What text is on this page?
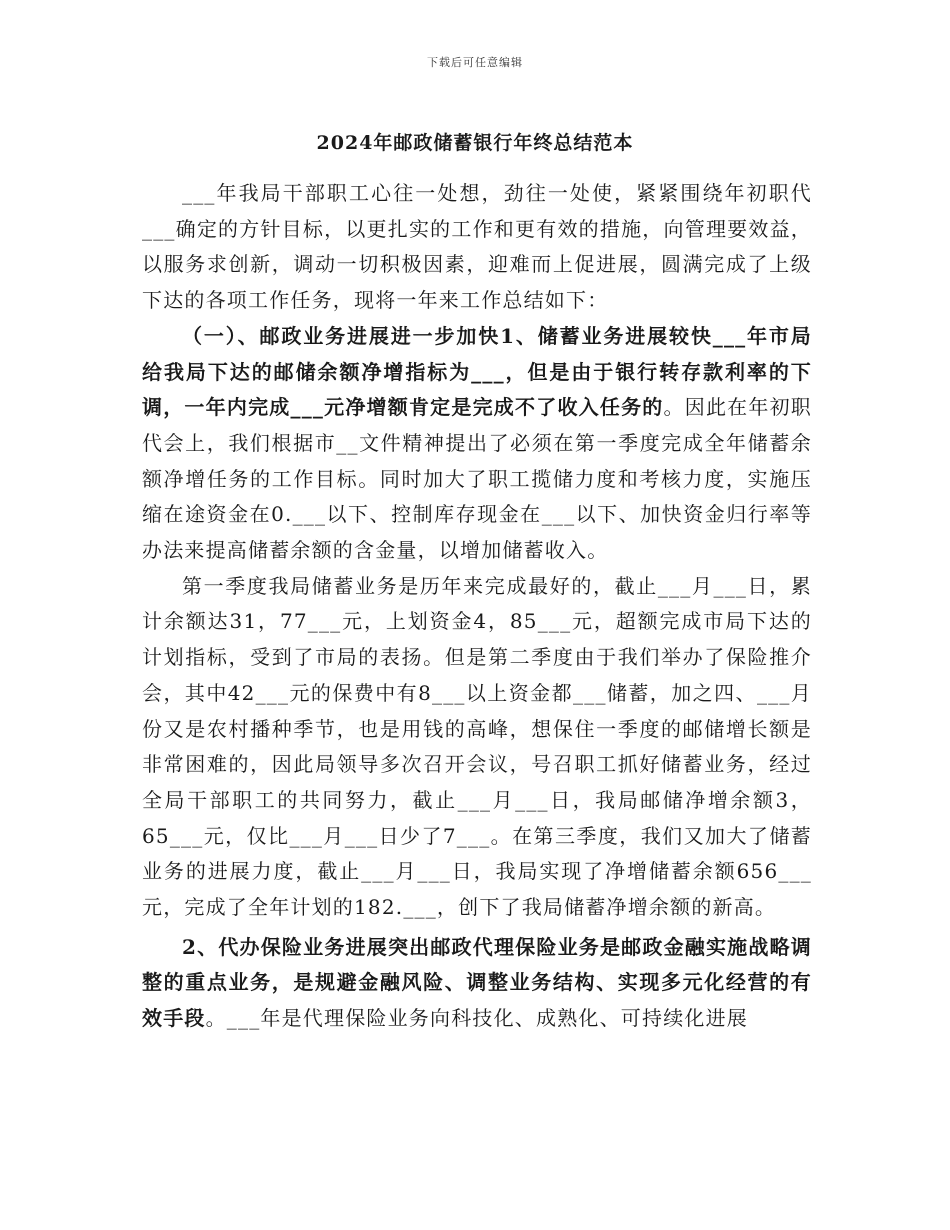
下载后可任意编辑
2024年邮政储蓄银行年终总结范本

___年我局干部职工心往一处想，劲往一处使，紧紧围绕年初职代___确定的方针目标，以更扎实的工作和更有效的措施，向管理要效益，以服务求创新，调动一切积极因素，迎难而上促进展，圆满完成了上级下达的各项工作任务，现将一年来工作总结如下：

（一）、邮政业务进展进一步加快1、储蓄业务进展较快___年市局给我局下达的邮储余额净增指标为___，但是由于银行转存款利率的下调，一年内完成___元净增额肯定是完成不了收入任务的。因此在年初职代会上，我们根据市__文件精神提出了必须在第一季度完成全年储蓄余额净增任务的工作目标。同时加大了职工揽储力度和考核力度，实施压缩在途资金在0.___以下、控制库存现金在___以下、加快资金归行率等办法来提高储蓄余额的含金量，以增加储蓄收入。

第一季度我局储蓄业务是历年来完成最好的，截止___月___日，累计余额达31，77___元，上划资金4，85___元，超额完成市局下达的计划指标，受到了市局的表扬。但是第二季度由于我们举办了保险推介会，其中42___元的保费中有8___以上资金都___储蓄，加之四、___月份又是农村播种季节，也是用钱的高峰，想保住一季度的邮储增长额是非常困难的，因此局领导多次召开会议，号召职工抓好储蓄业务，经过全局干部职工的共同努力，截止___月___日，我局邮储净增余额3，65___元，仅比___月___日少了7___。在第三季度，我们又加大了储蓄业务的进展力度，截止___月___日，我局实现了净增储蓄余额656___元，完成了全年计划的182.___，创下了我局储蓄净增余额的新高。

2、代办保险业务进展突出邮政代理保险业务是邮政金融实施战略调整的重点业务，是规避金融风险、调整业务结构、实现多元化经营的有效手段。___年是代理保险业务向科技化、成熟化、可持续化进展
